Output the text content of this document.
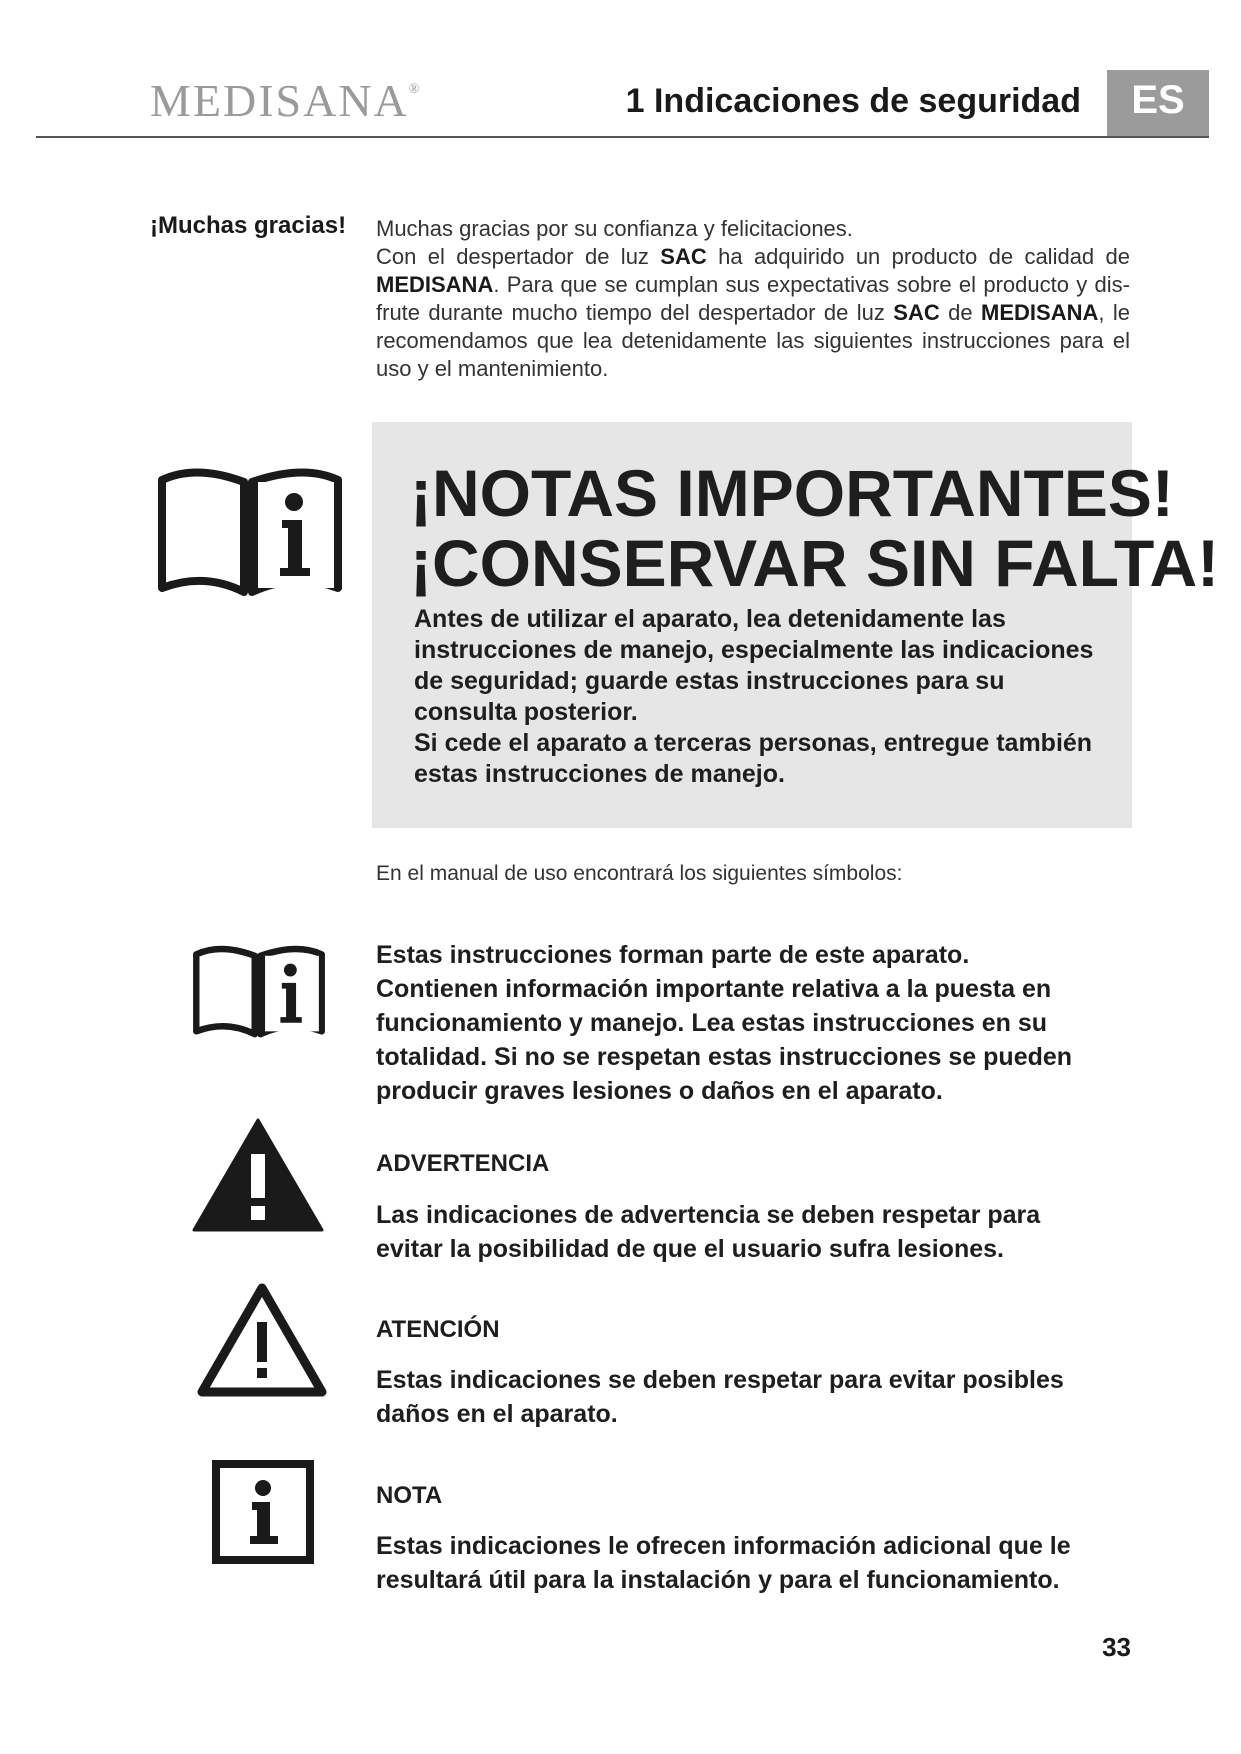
MEDISANA®	1 Indicaciones de seguridad	ES
¡Muchas gracias! Muchas gracias por su confianza y felicitaciones.

Con el despertador de luz SAC ha adquirido un producto de calidad de MEDISANA. Para que se cumplan sus expectativas sobre el producto y dis-frute durante mucho tiempo del despertador de luz SAC de MEDISANA, le recomendamos que lea detenidamente las siguientes instrucciones para el uso y el mantenimiento.

¡NOTAS IMPORTANTES!
¡CONSERVAR SIN FALTA!

Antes de utilizar el aparato, lea detenidamente las instrucciones de manejo, especialmente las indicaciones de seguridad; guarde estas instrucciones para su consulta posterior.

Si cede el aparato a terceras personas, entregue también estas instrucciones de manejo.

En el manual de uso encontrará los siguientes símbolos:
Estas instrucciones forman parte de este aparato. Contienen información importante relativa a la puesta en funcionamiento y manejo. Lea estas instrucciones en su totalidad. Si no se respetan estas instrucciones se pueden producir graves lesiones o daños en el aparato.
ADVERTENCIA
Las indicaciones de advertencia se deben respetar para evitar la posibilidad de que el usuario sufra lesiones.
ATENCIÓN
Estas indicaciones se deben respetar para evitar posibles daños en el aparato.
NOTA
Estas indicaciones le ofrecen información adicional que le resultará útil para la instalación y para el funcionamiento.
33
